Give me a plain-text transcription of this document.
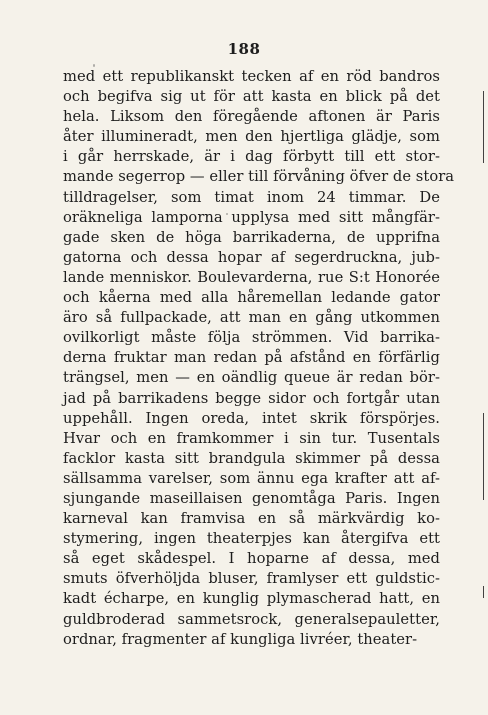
188
med ett republikanskt tecken af en röd bandros
och begifva sig ut för att kasta en blick på det
hela. Liksom den föregående aftonen är Paris
åter illumineradt, men den hjertliga glädje, som
i går herrskade, är i dag förbytt till ett stor-
mande segerrop — eller till förvåning öfver de stora
tilldragelser, som timat inom 24 timmar. De
oräkneliga lamporna upplysa med sitt mångfär-
gade sken de höga barrikaderna, de upprifna
gatorna och dessa hopar af segerdruckna, jub-
lande menniskor. Boulevarderna, rue S:t Honorée
och kåerna med alla håremellan ledande gator
äro så fullpackade, att man en gång utkommen
ovilkorligt måste följa strömmen. Vid barrika-
derna fruktar man redan på afstånd en förfärlig
trängsel, men — en oändlig queue är redan bör-
jad på barrikadens begge sidor och fortgår utan
uppehåll. Ingen oreda, intet skrik förspörjes.
Hvar och en framkommer i sin tur. Tusentals
facklor kasta sitt brandgula skimmer på dessa
sällsamma varelser, som ännu ega krafter att af-
sjungande maseillaisen genomtåga Paris. Ingen
karneval kan framvisa en så märkvärdig ko-
stymering, ingen theaterpjes kan återgifva ett
så eget skådespel. I hoparne af dessa, med
smuts öfverhöljda bluser, framlyser ett guldstic-
kadt écharpe, en kunglig plymascherad hatt, en
guldbroderad sammetsrock, generalsepauletter,
ordnar, fragmenter af kungliga livréer, theater-
